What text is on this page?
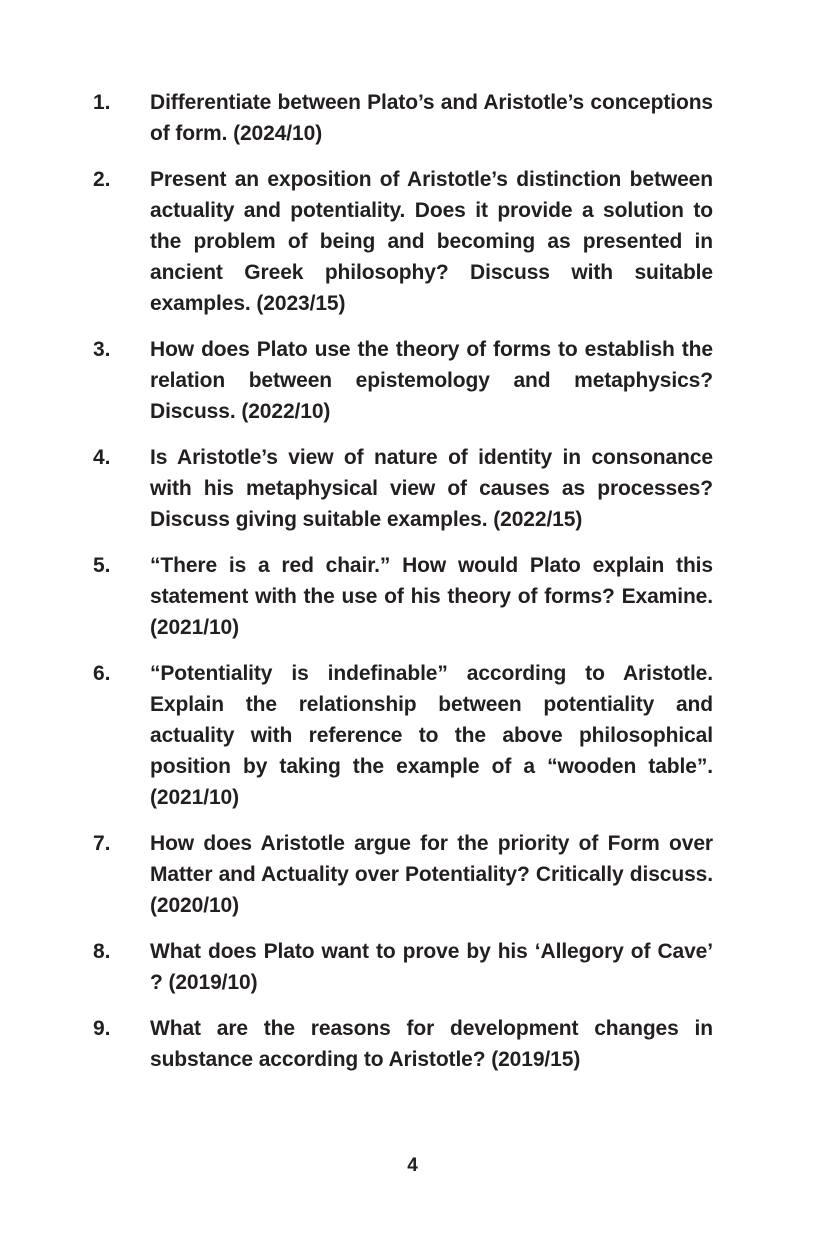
1.	Differentiate between Plato’s and Aristotle’s conceptions of form. (2024/10)
2.	Present an exposition of Aristotle’s distinction between actuality and potentiality. Does it provide a solution to the problem of being and becoming as presented in ancient Greek philosophy? Discuss with suitable examples. (2023/15)
3.	How does Plato use the theory of forms to establish the relation between epistemology and metaphysics? Discuss. (2022/10)
4.	Is Aristotle’s view of nature of identity in consonance with his metaphysical view of causes as processes? Discuss giving suitable examples. (2022/15)
5.	“There is a red chair.” How would Plato explain this statement with the use of his theory of forms? Examine. (2021/10)
6.	“Potentiality is indefinable” according to Aristotle. Explain the relationship between potentiality and actuality with reference to the above philosophical position by taking the example of a “wooden table”. (2021/10)
7.	How does Aristotle argue for the priority of Form over Matter and Actuality over Potentiality? Critically discuss. (2020/10)
8.	What does Plato want to prove by his ‘Allegory of Cave’ ? (2019/10)
9.	What are the reasons for development changes in substance according to Aristotle? (2019/15)
4
